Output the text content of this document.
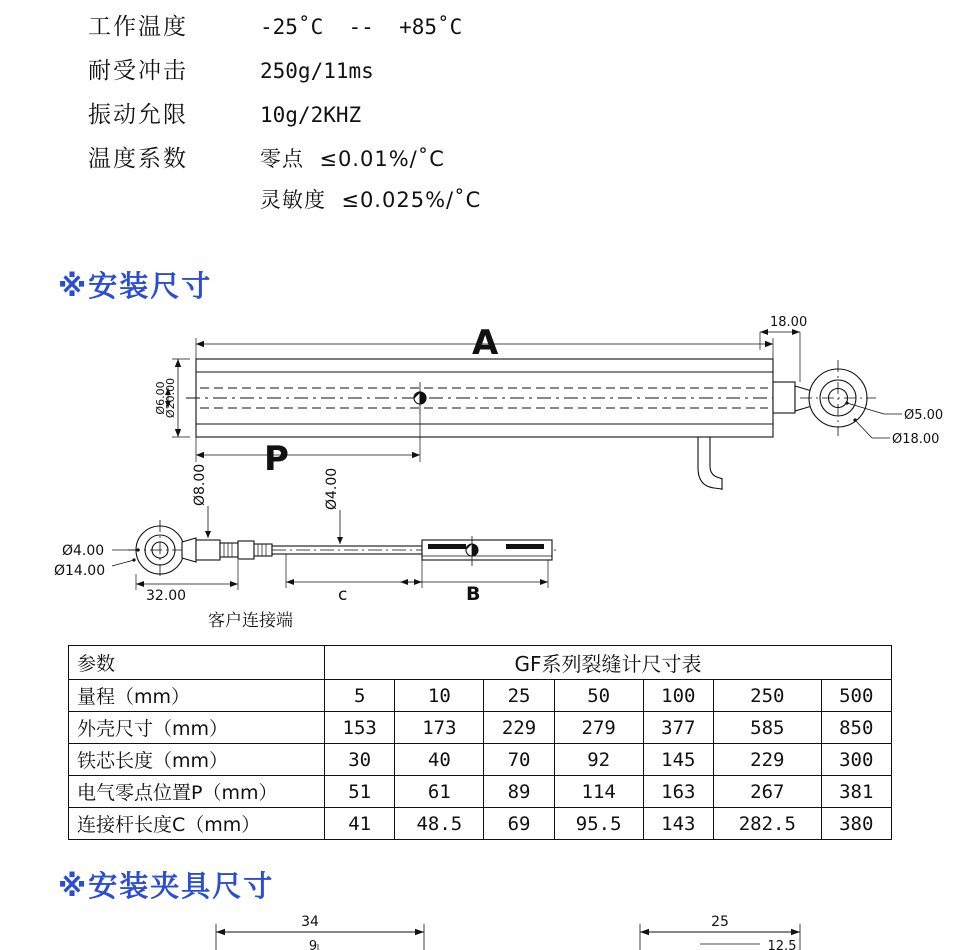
工作温度	-25˚C  --  +85˚C
耐受冲击	250g/11ms
振动允限	10g/2KHZ
温度系数	零点  ≤0.01%/˚C
灵敏度  ≤0.025%/˚C
※安装尺寸
※安装夹具尺寸
A
P
18.00
Ø5.00
Ø18.00
Ø20.00
Ø6.00
Ø8.00	Ø4.00
Ø4.00
Ø14.00
32.00	c	B
客户连接端
参数	GF系列裂缝计尺寸表						
量程（mm）	5	10	25	50	100	250	500
外壳尺寸（mm）	153	173	229	279	377	585	850
铁芯长度（mm）	30	40	70	92	145	229	300
电气零点位置P（mm）	51	61	89	114	163	267	381
连接杆长度C（mm）	41	48.5	69	95.5	143	282.5	380
34	25
9	12.5
